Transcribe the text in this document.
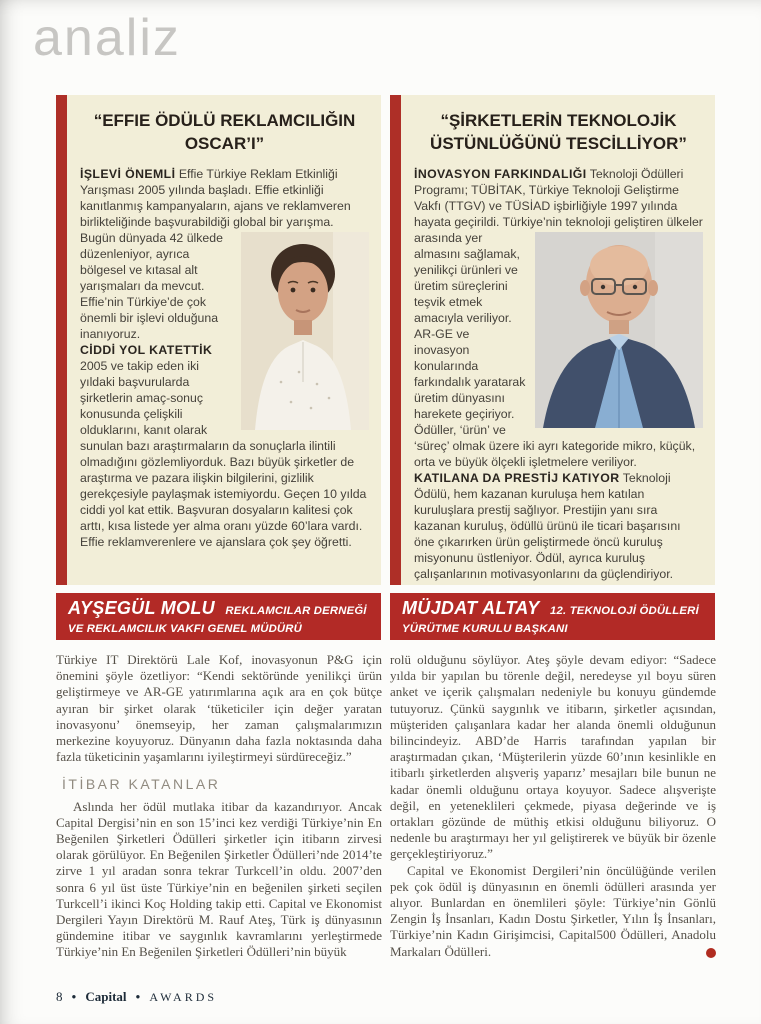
analiz
“EFFIE ÖDÜLÜ REKLAMCILIĞIN OSCAR’I”

İŞLEVİ ÖNEMLİ Effie Türkiye Reklam Etkinliği Yarışması 2005 yılında başladı. Effie etkinliği kanıtlanmış kampanyaların, ajans ve reklamveren birlikteliğinde başvurabildiği global bir yarışma. Bugün dünyada 42 ülkede düzenleniyor, ayrıca bölgesel ve kıtasal alt yarışmaları da mevcut. Effie’nin Türkiye’de çok önemli bir işlevi olduğuna inanıyoruz.

CİDDİ YOL KATETTİK 2005 ve takip eden iki yıldaki başvurularda şirketlerin amaç-sonuç konusunda çelişkili olduklarını, kanıt olarak sunulan bazı araştırmaların da sonuçlarla ilintili olmadığını gözlemliyorduk. Bazı büyük şirketler de araştırma ve pazara ilişkin bilgilerini, gizlilik gerekçesiyle paylaşmak istemiyordu. Geçen 10 yılda ciddi yol kat ettik. Başvuran dosyaların kalitesi çok arttı, kısa listede yer alma oranı yüzde 60’lara vardı. Effie reklamverenlere ve ajanslara çok şey öğretti.

AYŞEGÜL MOLU REKLAMCILAR DERNEĞİ VE REKLAMCILIK VAKFI GENEL MÜDÜRÜ
“ŞİRKETLERİN TEKNOLOJİK ÜSTÜNLÜĞÜNÜ TESCİLLİYOR”

İNOVASYON FARKINDALIĞI Teknoloji Ödülleri Programı; TÜBİTAK, Türkiye Teknoloji Geliştirme Vakfı (TTGV) ve TÜSİAD işbirliğiyle 1997 yılında hayata geçirildi. Türkiye’nin teknoloji geliştiren ülkeler arasında yer
almasını sağlamak, yenilikçi ürünleri ve üretim süreçlerini teşvik etmek amacıyla veriliyor. AR-GE ve inovasyon konularında farkındalık yaratarak üretim dünyasını harekete geçiriyor. Ödüller, ‘ürün’ ve ‘süreç’ olmak üzere iki ayrı kategoride mikro, küçük, orta ve büyük ölçekli işletmelere veriliyor.

KATILANA DA PRESTİJ KATIYOR Teknoloji Ödülü, hem kazanan kuruluşa hem katılan kuruluşlara prestij sağlıyor. Prestijin yanı sıra kazanan kuruluş, ödüllü ürünü ile ticari başarısını öne çıkarırken ürün geliştirmede öncü kuruluş misyonunu üstleniyor. Ödül, ayrıca kuruluş çalışanlarının motivasyonlarını da güçlendiriyor.

MÜJDAT ALTAY 12. TEKNOLOJİ ÖDÜLLERİ YÜRÜTME KURULU BAŞKANI

Türkiye IT Direktörü Lale Kof, inovasyonun P&G için önemini şöyle özetliyor: “Kendi sektöründe yenilikçi ürün geliştirmeye ve AR-GE yatırımlarına açık ara en çok bütçe ayıran bir şirket olarak ‘tüketiciler için değer yaratan inovasyonu’ önemseyip, her zaman çalışmalarımızın merkezine koyuyoruz. Dünyanın daha fazla noktasında daha fazla tüketicinin yaşamlarını iyileştirmeyi sürdüreceğiz.”

İTİBAR KATANLAR

Aslında her ödül mutlaka itibar da kazandırıyor. Ancak Capital Dergisi’nin en son 15’inci kez verdiği Türkiye’nin En Beğenilen Şirketleri Ödülleri şirketler için itibarın zirvesi olarak görülüyor. En Beğenilen Şirketler Ödülleri’nde 2014’te zirve 1 yıl aradan sonra tekrar Turkcell’in oldu. 2007’den sonra 6 yıl üst üste Türkiye’nin en beğenilen şirketi seçilen Turkcell’i ikinci Koç Holding takip etti. Capital ve Ekonomist Dergileri Yayın Direktörü M. Rauf Ateş, Türk iş dünyasının gündemine itibar ve saygınlık kavramlarını yerleştirmede Türkiye’nin En Beğenilen Şirketleri Ödülleri’nin büyük

rolü olduğunu söylüyor. Ateş şöyle devam ediyor: “Sadece yılda bir yapılan bu törenle değil, neredeyse yıl boyu süren anket ve içerik çalışmaları nedeniyle bu konuyu gündemde tutuyoruz. Çünkü saygınlık ve itibarın, şirketler açısından, müşteriden çalışanlara kadar her alanda önemli olduğunun bilincindeyiz. ABD’de Harris tarafından yapılan bir araştırmadan çıkan, ‘Müşterilerin yüzde 60’ının kesinlikle en itibarlı şirketlerden alışveriş yaparız’ mesajları bile bunun ne kadar önemli olduğunu ortaya koyuyor. Sadece alışverişte değil, en yeteneklileri çekmede, piyasa değerinde ve iş ortakları gözünde de müthiş etkisi olduğunu biliyoruz. O nedenle bu araştırmayı her yıl geliştirerek ve büyük bir özenle gerçekleştiriyoruz.”

Capital ve Ekonomist Dergileri’nin öncülüğünde verilen pek çok ödül iş dünyasının en önemli ödülleri arasında yer alıyor. Bunlardan en önemlileri şöyle: Türkiye’nin Gönlü Zengin İş İnsanları, Kadın Dostu Şirketler, Yılın İş İnsanları, Türkiye’nin Kadın Girişimcisi, Capital500 Ödülleri, Anadolu Markaları Ödülleri.

8 ● Capital ● AWARDS
